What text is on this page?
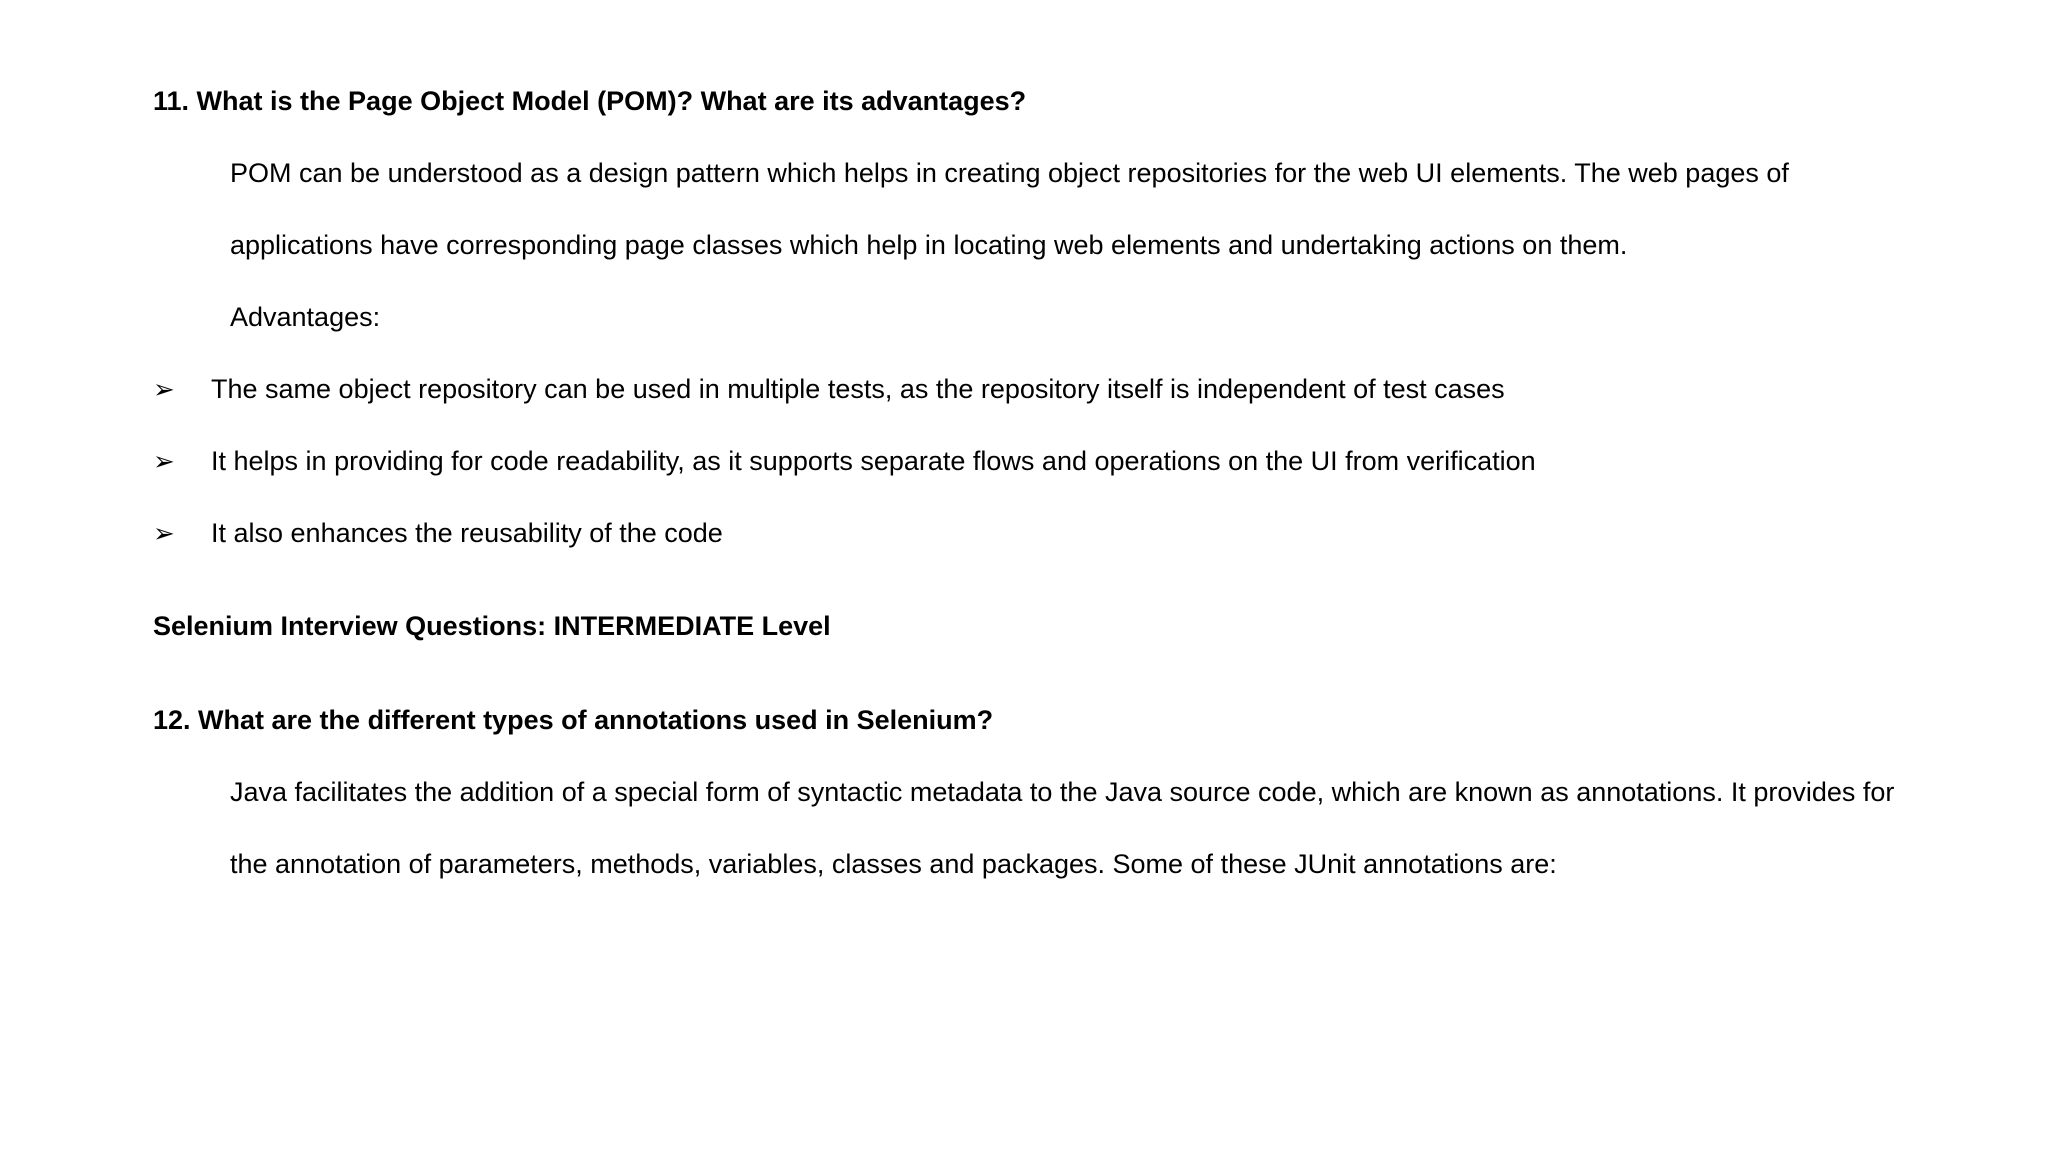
11. What is the Page Object Model (POM)? What are its advantages?
POM can be understood as a design pattern which helps in creating object repositories for the web UI elements. The web pages of
applications have corresponding page classes which help in locating web elements and undertaking actions on them.
Advantages:
➢ The same object repository can be used in multiple tests, as the repository itself is independent of test cases
➢ It helps in providing for code readability, as it supports separate flows and operations on the UI from verification
➢ It also enhances the reusability of the code
Selenium Interview Questions: INTERMEDIATE Level
12. What are the different types of annotations used in Selenium?
Java facilitates the addition of a special form of syntactic metadata to the Java source code, which are known as annotations. It provides for
the annotation of parameters, methods, variables, classes and packages. Some of these JUnit annotations are:
